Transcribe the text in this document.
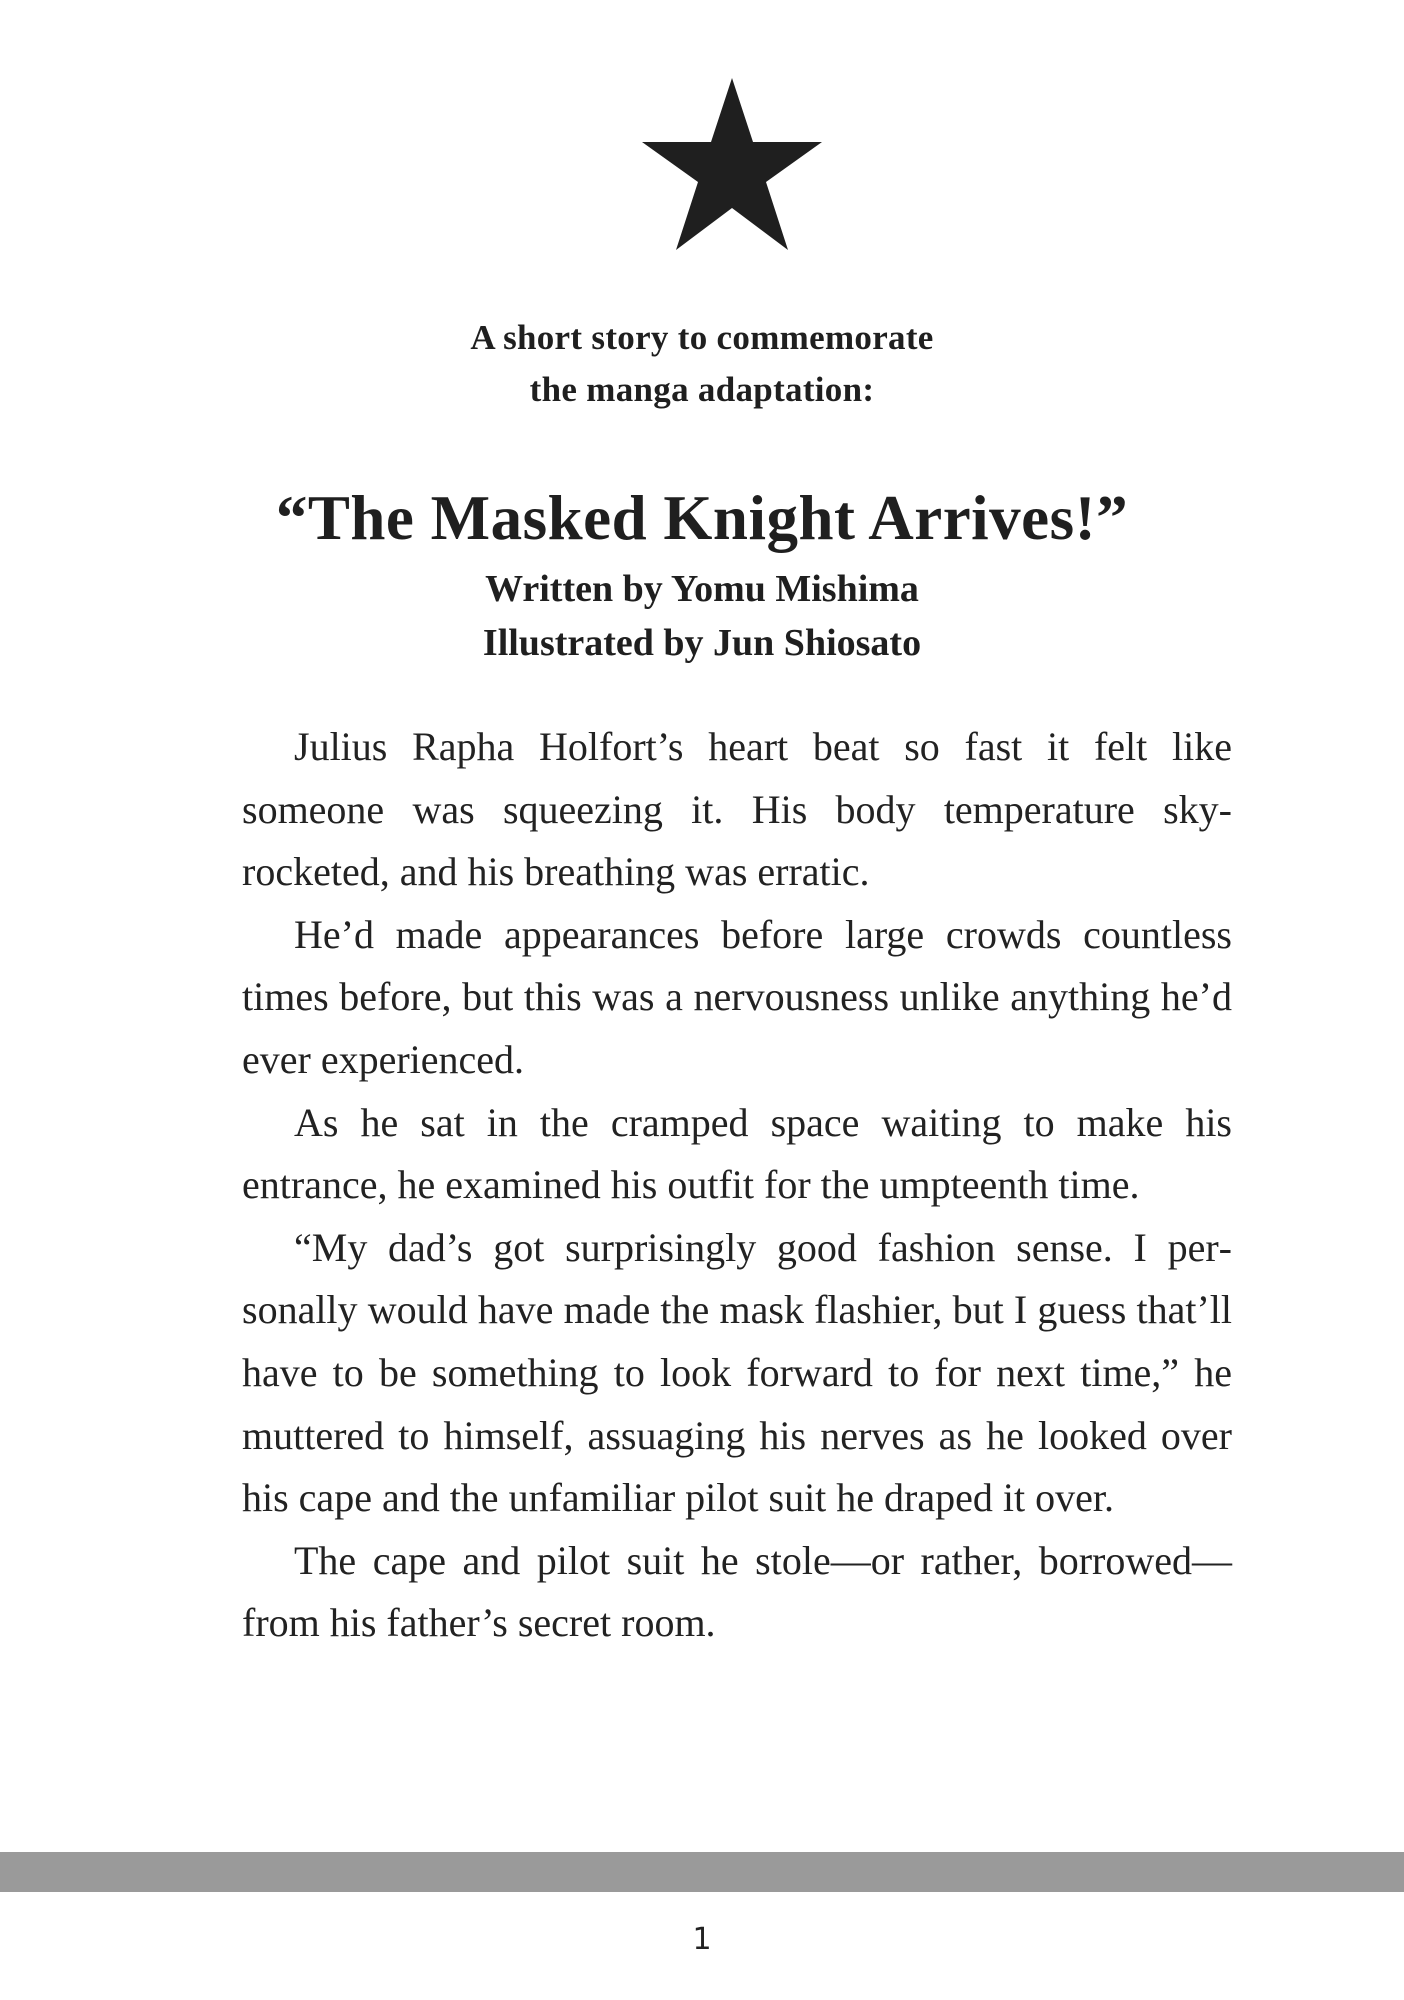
A short story to commemorate
the manga adaptation:
“The Masked Knight Arrives!”
Written by Yomu Mishima
Illustrated by Jun Shiosato

Julius Rapha Holfort’s heart beat so fast it felt like someone was squeezing it. His body temperature skyrocketed, and his breathing was erratic.

He’d made appearances before large crowds countless times before, but this was a nervousness unlike anything he’d ever experienced.

As he sat in the cramped space waiting to make his entrance, he examined his outfit for the umpteenth time.

“My dad’s got surprisingly good fashion sense. I personally would have made the mask flashier, but I guess that’ll have to be something to look forward to for next time,” he muttered to himself, assuaging his nerves as he looked over his cape and the unfamiliar pilot suit he draped it over.

The cape and pilot suit he stole—or rather, borrowed—from his father’s secret room.

1
